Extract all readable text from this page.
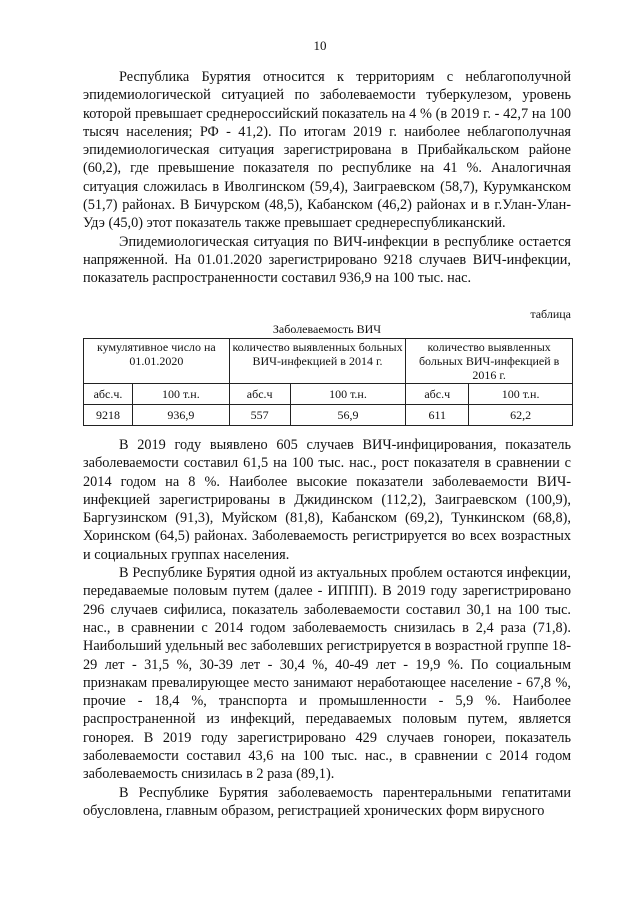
10

Республика Бурятия относится к территориям с неблагополучной эпидемиологической ситуацией по заболеваемости туберкулезом, уровень которой превышает среднероссийский показатель на 4 % (в 2019 г. - 42,7 на 100 тысяч населения; РФ - 41,2). По итогам 2019 г. наиболее неблагополучная эпидемиологическая ситуация зарегистрирована в Прибайкальском районе (60,2), где превышение показателя по республике на 41 %. Аналогичная ситуация сложилась в Иволгинском (59,4), Заиграевском (58,7), Курумканском (51,7) районах. В Бичурском (48,5), Кабанском (46,2) районах и в г.Улан-Улан-Удэ (45,0) этот показатель также превышает среднереспубликанский.

Эпидемиологическая ситуация по ВИЧ-инфекции в республике остается напряженной. На 01.01.2020 зарегистрировано 9218 случаев ВИЧ-инфекции, показатель распространенности составил 936,9 на 100 тыс. нас.

таблица
Заболеваемость ВИЧ
кумулятивное число на 01.01.2020		количество выявленных больных ВИЧ-инфекцией в 2014 г.		количество выявленных больных ВИЧ-инфекцией в 2016 г.	
абс.ч.	100 т.н.	абс.ч	100 т.н.	абс.ч	100 т.н.
9218	936,9	557	56,9	611	62,2

В 2019 году выявлено 605 случаев ВИЧ-инфицирования, показатель заболеваемости составил 61,5 на 100 тыс. нас., рост показателя в сравнении с 2014 годом на 8 %. Наиболее высокие показатели заболеваемости ВИЧ-инфекцией зарегистрированы в Джидинском (112,2), Заиграевском (100,9), Баргузинском (91,3), Муйском (81,8), Кабанском (69,2), Тункинском (68,8), Хоринском (64,5) районах. Заболеваемость регистрируется во всех возрастных и социальных группах населения.

В Республике Бурятия одной из актуальных проблем остаются инфекции, передаваемые половым путем (далее - ИППП). В 2019 году зарегистрировано 296 случаев сифилиса, показатель заболеваемости составил 30,1 на 100 тыс. нас., в сравнении с 2014 годом заболеваемость снизилась в 2,4 раза (71,8). Наибольший удельный вес заболевших регистрируется в возрастной группе 18-29 лет - 31,5 %, 30-39 лет - 30,4 %, 40-49 лет - 19,9 %. По социальным признакам превалирующее место занимают неработающее население - 67,8 %, прочие - 18,4 %, транспорта и промышленности - 5,9 %. Наиболее распространенной из инфекций, передаваемых половым путем, является гонорея. В 2019 году зарегистрировано 429 случаев гонореи, показатель заболеваемости составил 43,6 на 100 тыс. нас., в сравнении с 2014 годом заболеваемость снизилась в 2 раза (89,1).

В Республике Бурятия заболеваемость парентеральными гепатитами обусловлена, главным образом, регистрацией хронических форм вирусного
